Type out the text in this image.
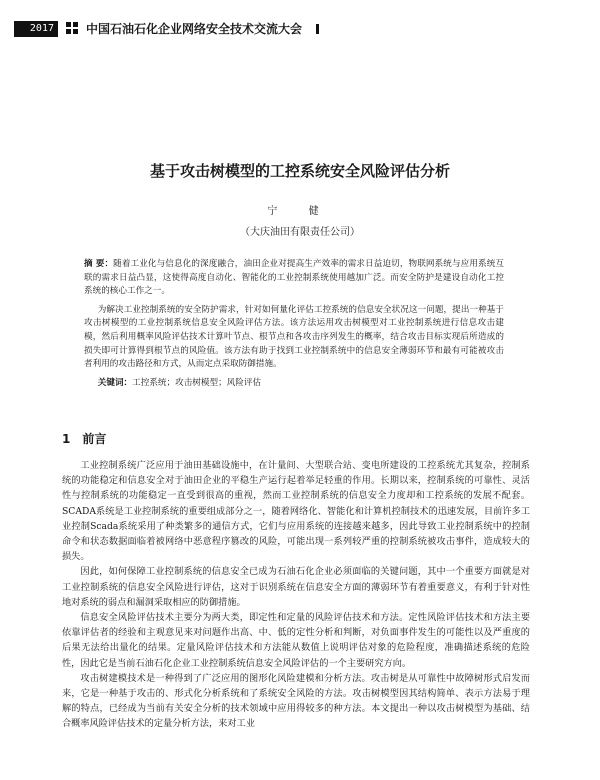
2017	中国石油石化企业网络安全技术交流大会
基于攻击树模型的工控系统安全风险评估分析
宁 健
（大庆油田有限责任公司）

摘 要：随着工业化与信息化的深度融合，油田企业对提高生产效率的需求日益迫切，物联网系统与应用系统互联的需求日益凸显，这使得高度自动化、智能化的工业控制系统使用越加广泛。而安全防护是建设自动化工控系统的核心工作之一。

为解决工业控制系统的安全防护需求，针对如何量化评估工控系统的信息安全状况这一问题，提出一种基于攻击树模型的工业控制系统信息安全风险评估方法。该方法运用攻击树模型对工业控制系统进行信息攻击建模，然后利用概率风险评估技术计算叶节点、根节点和各攻击序列发生的概率，结合攻击目标实现后所造成的损失即可计算得到根节点的风险值。该方法有助于找到工业控制系统中的信息安全薄弱环节和最有可能被攻击者利用的攻击路径和方式，从而定点采取防御措施。

关键词：工控系统；攻击树模型；风险评估

1 前言

工业控制系统广泛应用于油田基础设施中，在计量间、大型联合站、变电所建设的工控系统尤其复杂，控制系统的功能稳定和信息安全对于油田企业的平稳生产运行起着举足轻重的作用。长期以来，控制系统的可靠性、灵活性与控制系统的功能稳定一直受到很高的重视，然而工业控制系统的信息安全力度却和工控系统的发展不配套。SCADA系统是工业控制系统的重要组成部分之一，随着网络化、智能化和计算机控制技术的迅速发展，目前许多工业控制Scada系统采用了种类繁多的通信方式，它们与应用系统的连接越来越多，因此导致工业控制系统中的控制命令和状态数据面临着被网络中恶意程序篡改的风险，可能出现一系列较严重的控制系统被攻击事件，造成较大的损失。

因此，如何保障工业控制系统的信息安全已成为石油石化企业必须面临的关键问题，其中一个重要方面就是对工业控制系统的信息安全风险进行评估，这对于识别系统在信息安全方面的薄弱环节有着重要意义，有利于针对性地对系统的弱点和漏洞采取相应的防御措施。

信息安全风险评估技术主要分为两大类，即定性和定量的风险评估技术和方法。定性风险评估技术和方法主要依靠评估者的经验和主观意见来对问题作出高、中、低的定性分析和判断，对负面事件发生的可能性以及严重度的后果无法给出量化的结果。定量风险评估技术和方法能从数值上说明评估对象的危险程度，准确描述系统的危险性，因此它是当前石油石化企业工业控制系统信息安全风险评估的一个主要研究方向。

攻击树建模技术是一种得到了广泛应用的图形化风险建模和分析方法。攻击树是从可靠性中故障树形式启发而来，它是一种基于攻击的、形式化分析系统和了系统安全风险的方法。攻击树模型因其结构简单、表示方法易于理解的特点，已经成为当前有关安全分析的技术领域中应用得较多的种方法。本文提出一种以攻击树模型为基础、结合概率风险评估技术的定量分析方法，来对工业
